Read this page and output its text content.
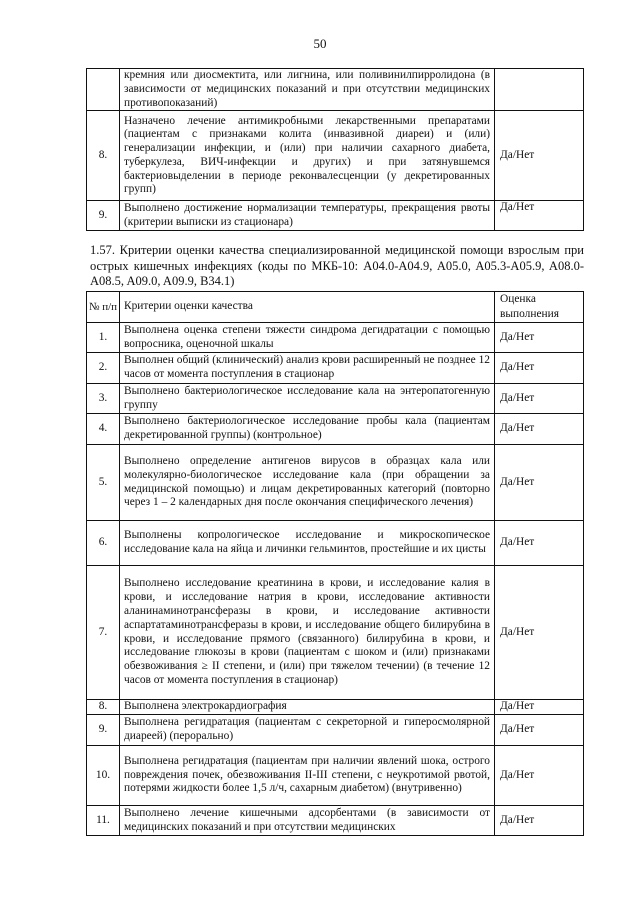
50
	кремния или диосмектита, или лигнина, или поливинилпирролидона (в зависимости от медицинских показаний и при отсутствии медицинских противопоказаний)	
8.	Назначено лечение антимикробными лекарственными препаратами (пациентам с признаками колита (инвазивной диареи) и (или) генерализации инфекции, и (или) при наличии сахарного диабета, туберкулеза, ВИЧ-инфекции и других) и при затянувшемся бактериовыделении в периоде реконвалесценции (у декретированных групп)	Да/Нет
9.	Выполнено достижение нормализации температуры, прекращения рвоты (критерии выписки из стационара)	Да/Нет
1.57. Критерии оценки качества специализированной медицинской помощи взрослым при острых кишечных инфекциях (коды по МКБ-10: A04.0-A04.9, A05.0, A05.3-A05.9, A08.0-A08.5, A09.0, A09.9, B34.1)
№ п/п	Критерии оценки качества	Оценка выполнения
1.	Выполнена оценка степени тяжести синдрома дегидратации с помощью вопросника, оценочной шкалы	Да/Нет
2.	Выполнен общий (клинический) анализ крови расширенный не позднее 12 часов от момента поступления в стационар	Да/Нет
3.	Выполнено бактериологическое исследование кала на энтеропатогенную группу	Да/Нет
4.	Выполнено бактериологическое исследование пробы кала (пациентам декретированной группы) (контрольное)	Да/Нет
5.	Выполнено определение антигенов вирусов в образцах кала или молекулярно-биологическое исследование кала (при обращении за медицинской помощью) и лицам декретированных категорий (повторно через 1 – 2 календарных дня после окончания специфического лечения)	Да/Нет
6.	Выполнены копрологическое исследование и микроскопическое исследование кала на яйца и личинки гельминтов, простейшие и их цисты	Да/Нет
7.	Выполнено исследование креатинина в крови, и исследование калия в крови, и исследование натрия в крови, исследование активности аланинаминотрансферазы в крови, и исследование активности аспартатаминотрансферазы в крови, и исследование общего билирубина в крови, и исследование прямого (связанного) билирубина в крови, и исследование глюкозы в крови (пациентам с шоком и (или) признаками обезвоживания ≥ II степени, и (или) при тяжелом течении) (в течение 12 часов от момента поступления в стационар)	Да/Нет
8.	Выполнена электрокардиография	Да/Нет
9.	Выполнена регидратация (пациентам с секреторной и гиперосмолярной диареей) (перорально)	Да/Нет
10.	Выполнена регидратация (пациентам при наличии явлений шока, острого повреждения почек, обезвоживания II-III степени, с неукротимой рвотой, потерями жидкости более 1,5 л/ч, сахарным диабетом) (внутривенно)	Да/Нет
11.	Выполнено лечение кишечными адсорбентами (в зависимости от медицинских показаний и при отсутствии медицинских	Да/Нет
